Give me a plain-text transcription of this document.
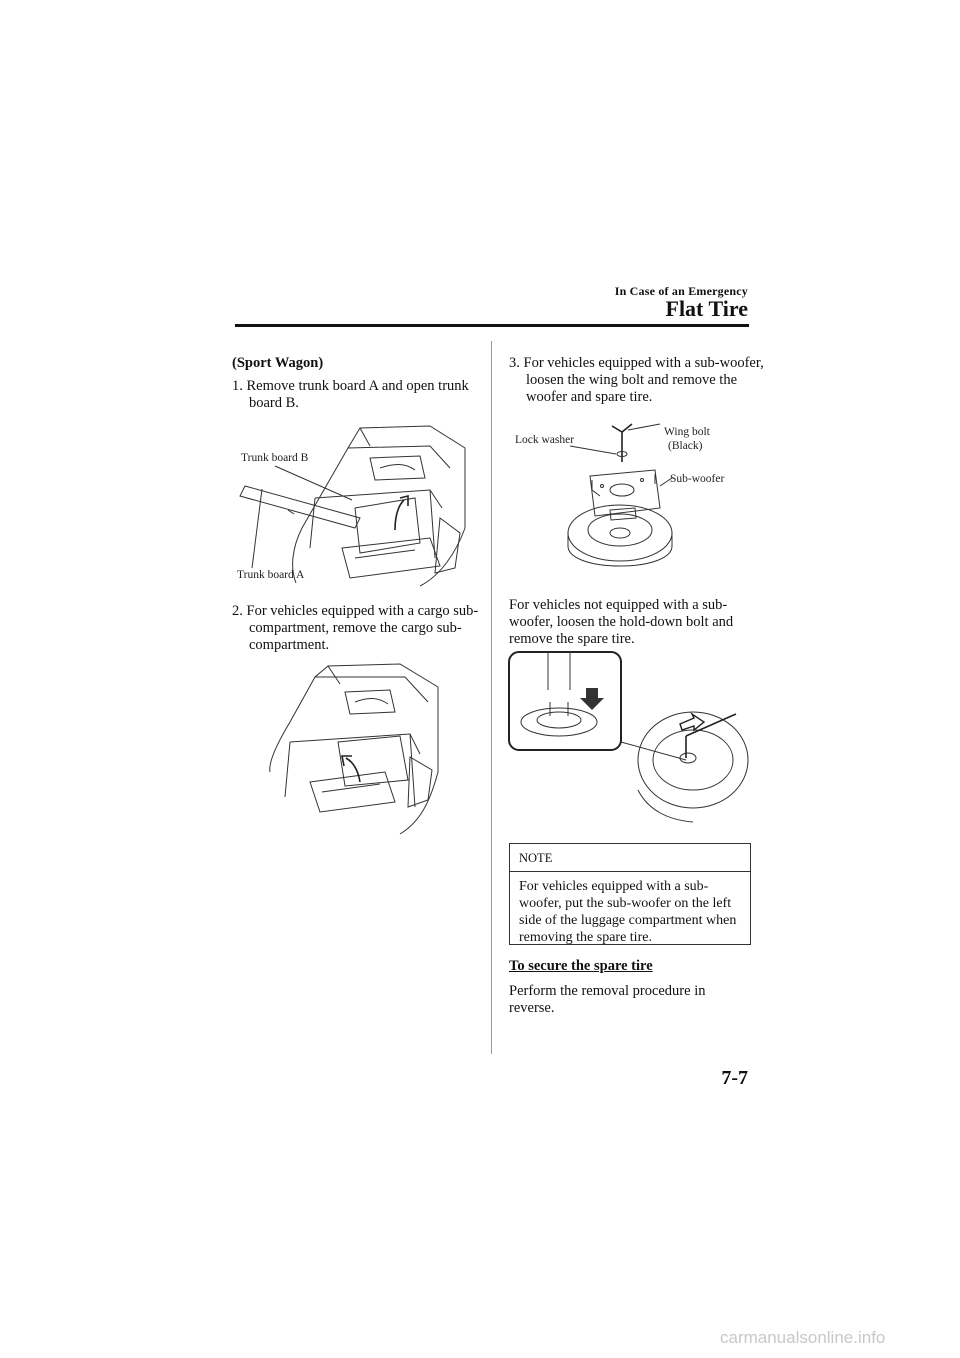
In Case of an Emergency
Flat Tire
(Sport Wagon)
1. Remove trunk board A and open trunk board B.
Trunk board B
Trunk board A
2. For vehicles equipped with a cargo sub-compartment, remove the cargo sub-compartment.
3. For vehicles equipped with a sub-woofer, loosen the wing bolt and remove the woofer and spare tire.
Lock washer
Wing bolt
(Black)
Sub-woofer
For vehicles not equipped with a sub-woofer, loosen the hold-down bolt and remove the spare tire.
NOTE
For vehicles equipped with a sub-woofer, put the sub-woofer on the left side of the luggage compartment when removing the spare tire.
To secure the spare tire
Perform the removal procedure in reverse.
7-7
carmanualsonline.info
